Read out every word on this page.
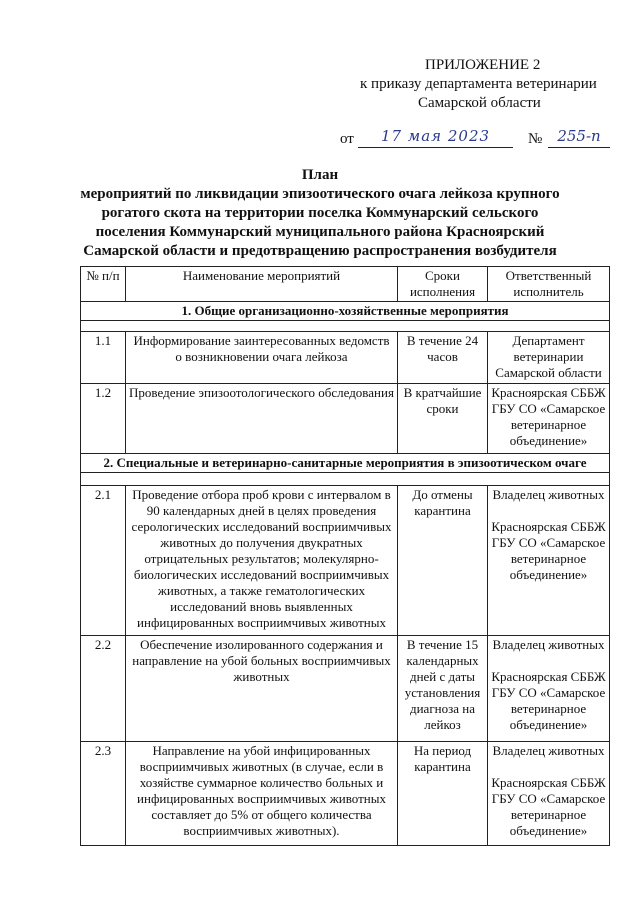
ПРИЛОЖЕНИЕ 2
к приказу департамента ветеринарии
Самарской области
от	17 мая 2023	№	255-п
План
мероприятий по ликвидации эпизоотического очага лейкоза крупного
рогатого скота на территории поселка Коммунарский сельского
поселения Коммунарский муниципального района Красноярский
Самарской области и предотвращению распространения возбудителя
№ п/п	Наименование мероприятий	Сроки исполнения	Ответственный исполнитель
1. Общие организационно-хозяйственные мероприятия			

1.1	Информирование заинтересованных ведомств о возникновении очага лейкоза	В течение 24 часов	Департамент ветеринарии Самарской области
1.2	Проведение эпизоотологического обследования	В кратчайшие сроки	Красноярская СББЖ ГБУ СО «Самарское ветеринарное объединение»
2. Специальные и ветеринарно-санитарные мероприятия в эпизоотическом очаге			

2.1	Проведение отбора проб крови с интервалом в 90 календарных дней в целях проведения серологических исследований восприимчивых животных до получения двукратных отрицательных результатов; молекулярно-биологических исследований восприимчивых животных, а также гематологических исследований вновь выявленных инфицированных восприимчивых животных	До отмены карантина	Владелец животных
Красноярская СББЖ ГБУ СО «Самарское ветеринарное объединение»
2.2	Обеспечение изолированного содержания и направление на убой больных восприимчивых животных	В течение 15 календарных дней с даты установления диагноза на лейкоз	Владелец животных
Красноярская СББЖ ГБУ СО «Самарское ветеринарное объединение»
2.3	Направление на убой инфицированных восприимчивых животных (в случае, если в хозяйстве суммарное количество больных и инфицированных восприимчивых животных составляет до 5% от общего количества восприимчивых животных).	На период карантина	Владелец животных
Красноярская СББЖ ГБУ СО «Самарское ветеринарное объединение»
